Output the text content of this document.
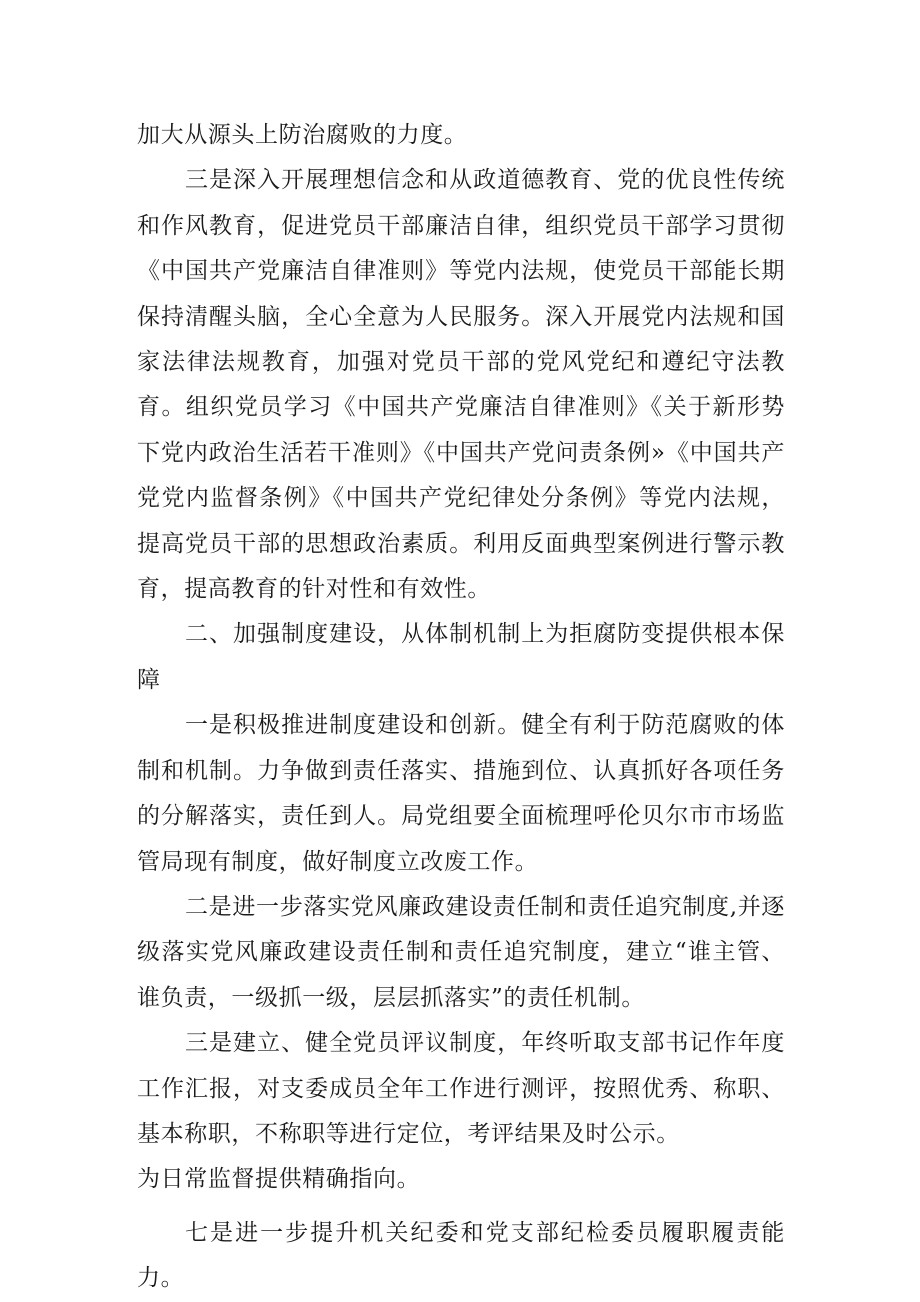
加大从源头上防治腐败的力度。

三是深入开展理想信念和从政道德教育、党的优良性传统和作风教育，促进党员干部廉洁自律，组织党员干部学习贯彻《中国共产党廉洁自律准则》等党内法规，使党员干部能长期保持清醒头脑，全心全意为人民服务。深入开展党内法规和国家法律法规教育，加强对党员干部的党风党纪和遵纪守法教育。组织党员学习《中国共产党廉洁自律准则》《关于新形势下党内政治生活若干准则》《中国共产党问责条例»《中国共产党党内监督条例》《中国共产党纪律处分条例》等党内法规，提高党员干部的思想政治素质。利用反面典型案例进行警示教育，提高教育的针对性和有效性。

二、加强制度建设，从体制机制上为拒腐防变提供根本保障

一是积极推进制度建设和创新。健全有利于防范腐败的体制和机制。力争做到责任落实、措施到位、认真抓好各项任务的分解落实，责任到人。局党组要全面梳理呼伦贝尔市市场监管局现有制度，做好制度立改废工作。

二是进一步落实党风廉政建设责任制和责任追究制度,并逐级落实党风廉政建设责任制和责任追究制度，建立“谁主管、谁负责，一级抓一级，层层抓落实”的责任机制。

三是建立、健全党员评议制度，年终听取支部书记作年度工作汇报，对支委成员全年工作进行测评，按照优秀、称职、基本称职，不称职等进行定位，考评结果及时公示。

为日常监督提供精确指向。

七是进一步提升机关纪委和党支部纪检委员履职履责能力。
